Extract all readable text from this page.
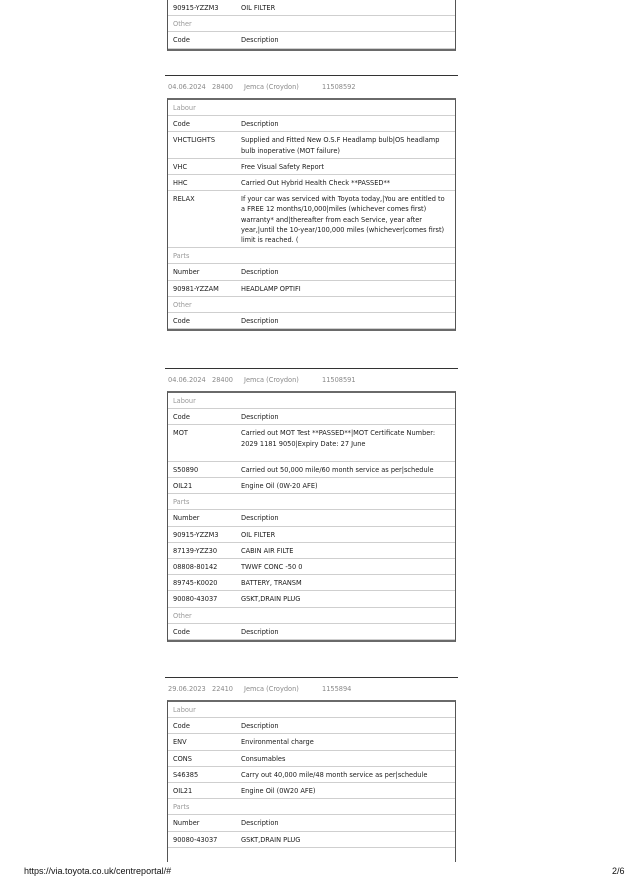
90915-YZZM3	OIL FILTER
Other
Code	Description
04.06.2024 28400 Jemca (Croydon)	11508592
Labour
Code	Description
VHCTLIGHTS	Supplied and Fitted New O.S.F Headlamp bulb|OS headlamp bulb inoperative (MOT failure)
VHC	Free Visual Safety Report
HHC	Carried Out Hybrid Health Check **PASSED**
RELAX	If your car was serviced with Toyota today,|You are entitled to a FREE 12 months/10,000|miles (whichever comes first) warranty* and|thereafter from each Service, year after year,|until the 10-year/100,000 miles (whichever|comes first) limit is reached. (
Parts
Number	Description
90981-YZZAM	HEADLAMP OPTIFI
Other
Code	Description
04.06.2024 28400 Jemca (Croydon)	11508591
Labour
Code	Description
MOT	Carried out MOT Test **PASSED**|MOT Certificate Number: 2029 1181 9050|Expiry Date: 27 June
S50890	Carried out 50,000 mile/60 month service as per|schedule
OIL21	Engine Oil (0W-20 AFE)
Parts
Number	Description
90915-YZZM3	OIL FILTER
87139-YZZ30	CABIN AIR FILTE
08808-80142	TWWF CONC -50 0
89745-K0020	BATTERY, TRANSM
90080-43037	GSKT,DRAIN PLUG
Other
Code	Description
29.06.2023 22410 Jemca (Croydon)	1155894
Labour
Code	Description
ENV	Environmental charge
CONS	Consumables
S46385	Carry out 40,000 mile/48 month service as per|schedule
OIL21	Engine Oil (0W20 AFE)
Parts
Number	Description
90080-43037	GSKT,DRAIN PLUG
https://via.toyota.co.uk/centreportal/#	2/6
